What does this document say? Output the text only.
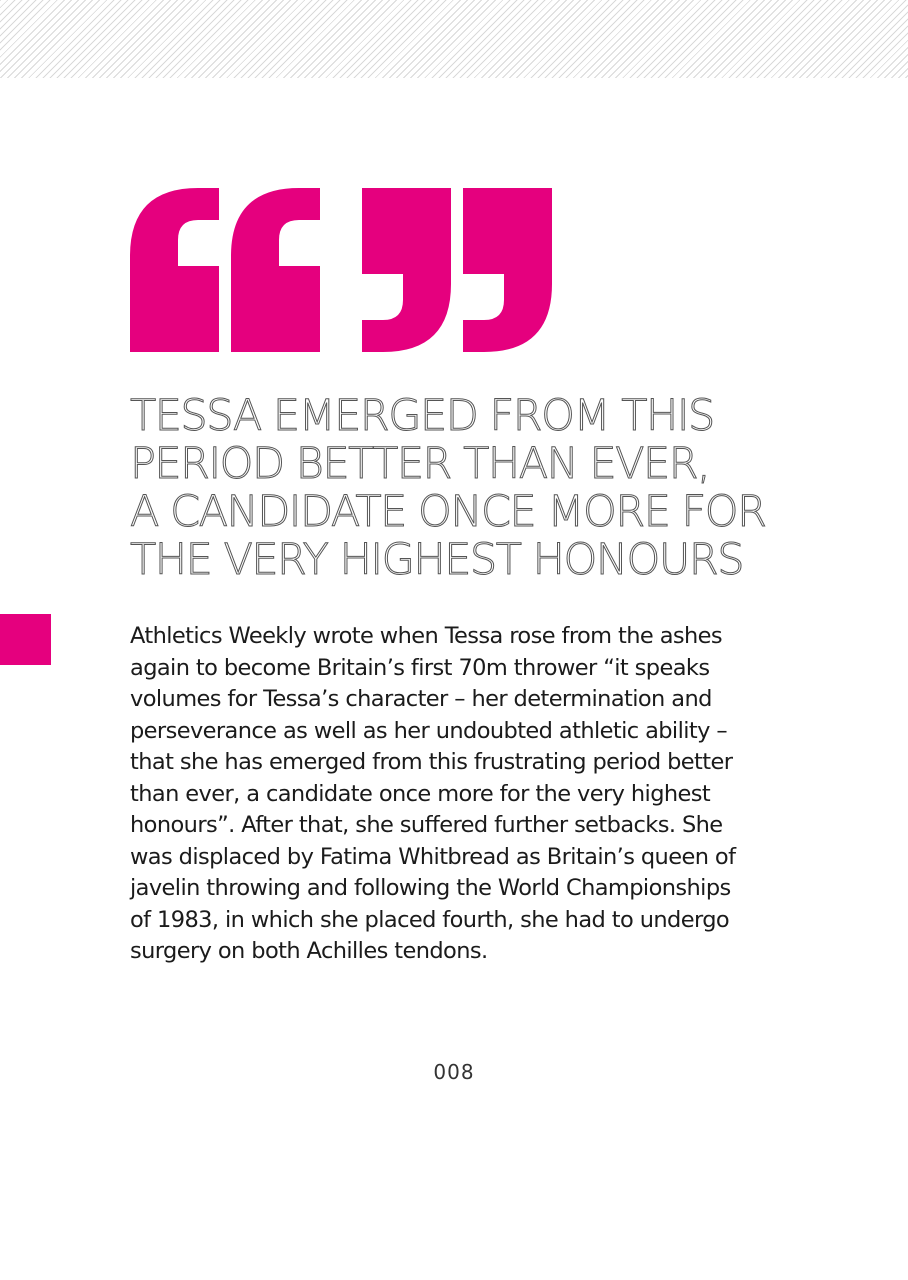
TESSA EMERGED FROM THIS
PERIOD BETTER THAN EVER,
A CANDIDATE ONCE MORE FOR
THE VERY HIGHEST HONOURS
Athletics Weekly wrote when Tessa rose from the ashes
again to become Britain’s first 70m thrower “it speaks
volumes for Tessa’s character – her determination and
perseverance as well as her undoubted athletic ability –
that she has emerged from this frustrating period better
than ever, a candidate once more for the very highest
honours”. After that, she suffered further setbacks. She
was displaced by Fatima Whitbread as Britain’s queen of
javelin throwing and following the World Championships
of 1983, in which she placed fourth, she had to undergo
surgery on both Achilles tendons.
008
